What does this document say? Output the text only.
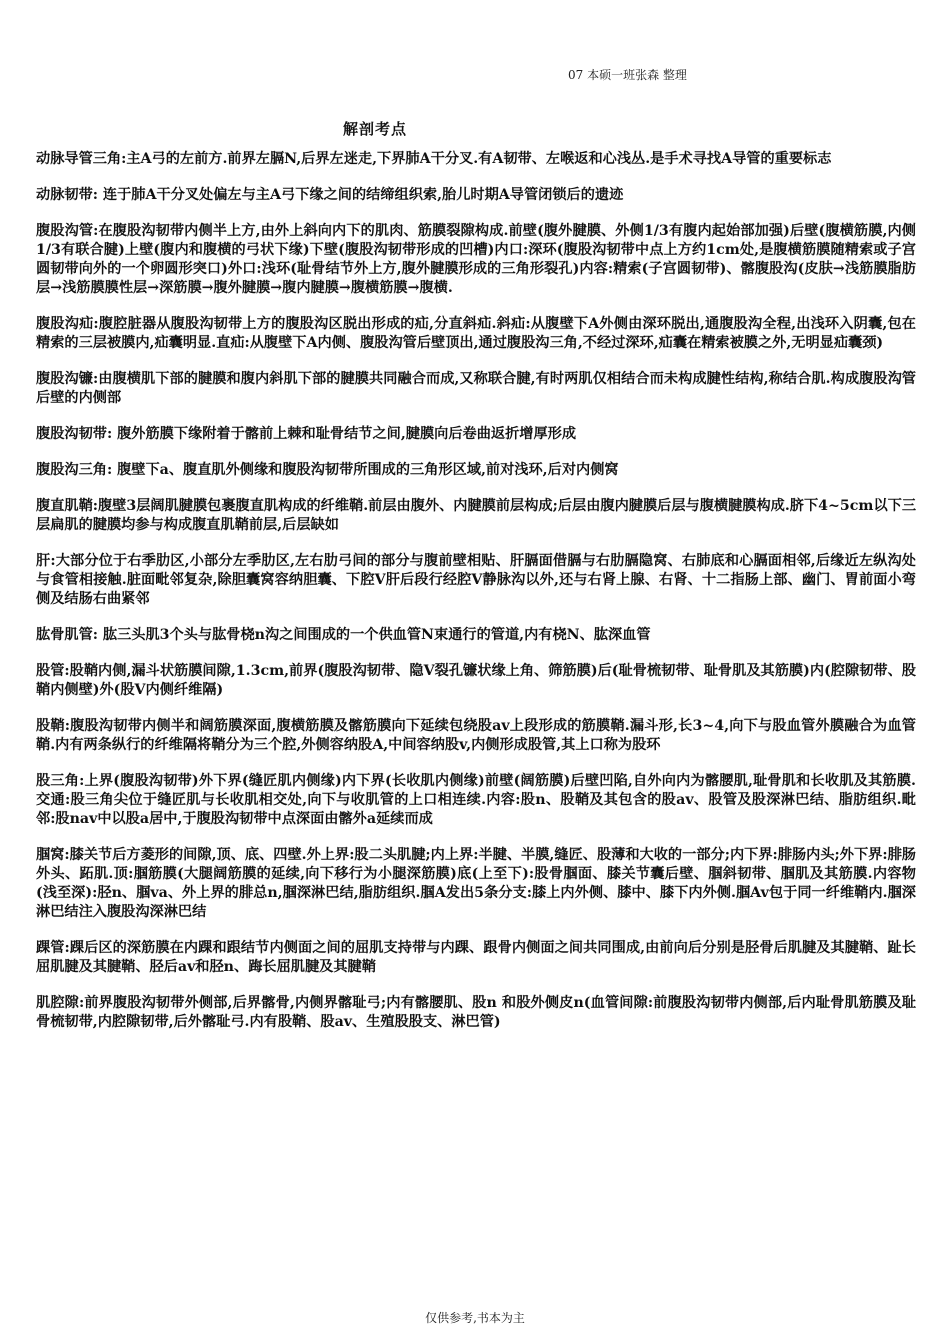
07 本硕一班张森 整理
解剖考点

动脉导管三角:主A弓的左前方.前界左膈N,后界左迷走,下界肺A干分叉.有A韧带、左喉返和心浅丛.是手术寻找A导管的重要标志

动脉韧带: 连于肺A干分叉处偏左与主A弓下缘之间的结缔组织索,胎儿时期A导管闭锁后的遗迹

腹股沟管:在腹股沟韧带内侧半上方,由外上斜向内下的肌肉、筋膜裂隙构成.前壁(腹外腱膜、外侧1/3有腹内起始部加强)后壁(腹横筋膜,内侧1/3有联合腱)上壁(腹内和腹横的弓状下缘)下壁(腹股沟韧带形成的凹槽)内口:深环(腹股沟韧带中点上方约1cm处,是腹横筋膜随精索或子宫圆韧带向外的一个卵圆形突口)外口:浅环(耻骨结节外上方,腹外腱膜形成的三角形裂孔)内容:精索(子宫圆韧带)、髂腹股沟(皮肤→浅筋膜脂肪层→浅筋膜膜性层→深筋膜→腹外腱膜→腹内腱膜→腹横筋膜→腹横.

腹股沟疝:腹腔脏器从腹股沟韧带上方的腹股沟区脱出形成的疝,分直斜疝.斜疝:从腹壁下A外侧由深环脱出,通腹股沟全程,出浅环入阴囊,包在精索的三层被膜内,疝囊明显.直疝:从腹壁下A内侧、腹股沟管后壁顶出,通过腹股沟三角,不经过深环,疝囊在精索被膜之外,无明显疝囊颈)

腹股沟镰:由腹横肌下部的腱膜和腹内斜肌下部的腱膜共同融合而成,又称联合腱,有时两肌仅相结合而未构成腱性结构,称结合肌.构成腹股沟管后壁的内侧部

腹股沟韧带: 腹外筋膜下缘附着于髂前上棘和耻骨结节之间,腱膜向后卷曲返折增厚形成

腹股沟三角: 腹壁下a、腹直肌外侧缘和腹股沟韧带所围成的三角形区域,前对浅环,后对内侧窝

腹直肌鞘:腹壁3层阔肌腱膜包裹腹直肌构成的纤维鞘.前层由腹外、内腱膜前层构成;后层由腹内腱膜后层与腹横腱膜构成.脐下4~5cm以下三层扁肌的腱膜均参与构成腹直肌鞘前层,后层缺如

肝:大部分位于右季肋区,小部分左季肋区,左右肋弓间的部分与腹前壁相贴、肝膈面借膈与右肋膈隐窝、右肺底和心膈面相邻,后缘近左纵沟处与食管相接触.脏面毗邻复杂,除胆囊窝容纳胆囊、下腔V肝后段行经腔V静脉沟以外,还与右肾上腺、右肾、十二指肠上部、幽门、胃前面小弯侧及结肠右曲紧邻

肱骨肌管: 肱三头肌3个头与肱骨桡n沟之间围成的一个供血管N束通行的管道,内有桡N、肱深血管

股管:股鞘内侧,漏斗状筋膜间隙,1.3cm,前界(腹股沟韧带、隐V裂孔镰状缘上角、筛筋膜)后(耻骨梳韧带、耻骨肌及其筋膜)内(腔隙韧带、股鞘内侧壁)外(股V内侧纤维隔)

股鞘:腹股沟韧带内侧半和阔筋膜深面,腹横筋膜及髂筋膜向下延续包绕股av上段形成的筋膜鞘.漏斗形,长3~4,向下与股血管外膜融合为血管鞘.内有两条纵行的纤维隔将鞘分为三个腔,外侧容纳股A,中间容纳股v,内侧形成股管,其上口称为股环

股三角:上界(腹股沟韧带)外下界(缝匠肌内侧缘)内下界(长收肌内侧缘)前壁(阔筋膜)后壁凹陷,自外向内为髂腰肌,耻骨肌和长收肌及其筋膜.交通:股三角尖位于缝匠肌与长收肌相交处,向下与收肌管的上口相连续.内容:股n、股鞘及其包含的股av、股管及股深淋巴结、脂肪组织.毗邻:股nav中以股a居中,于腹股沟韧带中点深面由髂外a延续而成

腘窝:膝关节后方菱形的间隙,顶、底、四壁.外上界:股二头肌腱;内上界:半腱、半膜,缝匠、股薄和大收的一部分;内下界:腓肠内头;外下界:腓肠外头、跖肌.顶:腘筋膜(大腿阔筋膜的延续,向下移行为小腿深筋膜)底(上至下):股骨腘面、膝关节囊后壁、腘斜韧带、腘肌及其筋膜.内容物(浅至深):胫n、腘va、外上界的腓总n,腘深淋巴结,脂肪组织.腘A发出5条分支:膝上内外侧、膝中、膝下内外侧.腘Av包于同一纤维鞘内.腘深淋巴结注入腹股沟深淋巴结

踝管:踝后区的深筋膜在内踝和跟结节内侧面之间的屈肌支持带与内踝、跟骨内侧面之间共同围成,由前向后分别是胫骨后肌腱及其腱鞘、趾长屈肌腱及其腱鞘、胫后av和胫n、踇长屈肌腱及其腱鞘

肌腔隙:前界腹股沟韧带外侧部,后界髂骨,内侧界髂耻弓;内有髂腰肌、股n 和股外侧皮n(血管间隙:前腹股沟韧带内侧部,后内耻骨肌筋膜及耻骨梳韧带,内腔隙韧带,后外髂耻弓.内有股鞘、股av、生殖股股支、淋巴管)

仅供参考,书本为主
